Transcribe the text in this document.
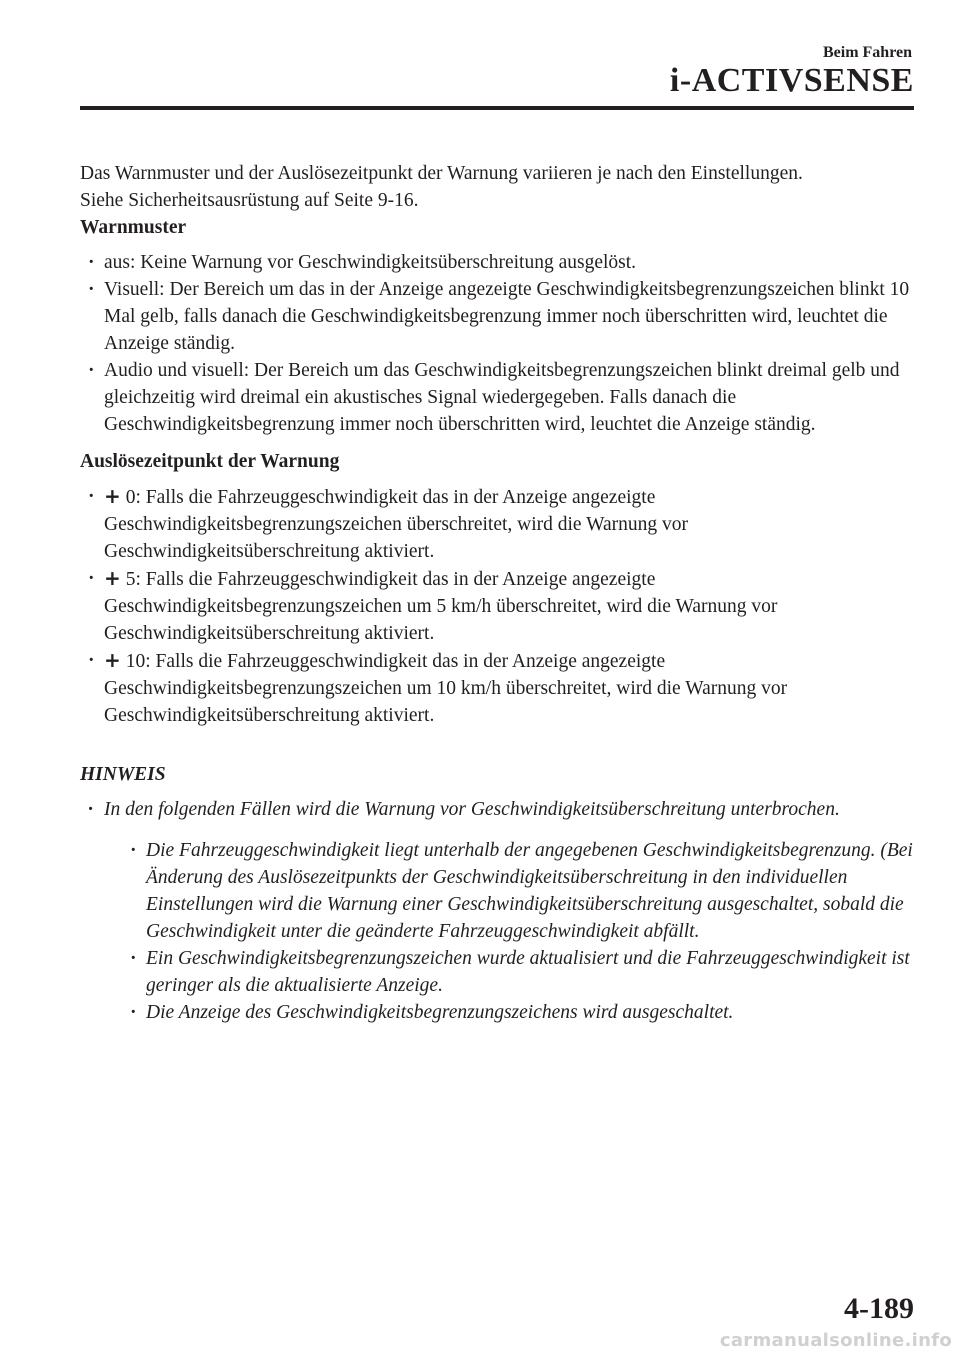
Beim Fahren
i-ACTIVSENSE

Das Warnmuster und der Auslösezeitpunkt der Warnung variieren je nach den Einstellungen.

Siehe Sicherheitsausrüstung auf Seite 9-16.

Warnmuster

· aus: Keine Warnung vor Geschwindigkeitsüberschreitung ausgelöst.
· Visuell: Der Bereich um das in der Anzeige angezeigte Geschwindigkeitsbegrenzungszeichen blinkt 10 Mal gelb, falls danach die Geschwindigkeitsbegrenzung immer noch überschritten wird, leuchtet die Anzeige ständig.
· Audio und visuell: Der Bereich um das Geschwindigkeitsbegrenzungszeichen blinkt dreimal gelb und gleichzeitig wird dreimal ein akustisches Signal wiedergegeben. Falls danach die Geschwindigkeitsbegrenzung immer noch überschritten wird, leuchtet die Anzeige ständig.

Auslösezeitpunkt der Warnung

· + 0: Falls die Fahrzeuggeschwindigkeit das in der Anzeige angezeigte Geschwindigkeitsbegrenzungszeichen überschreitet, wird die Warnung vor Geschwindigkeitsüberschreitung aktiviert.
· + 5: Falls die Fahrzeuggeschwindigkeit das in der Anzeige angezeigte Geschwindigkeitsbegrenzungszeichen um 5 km/h überschreitet, wird die Warnung vor Geschwindigkeitsüberschreitung aktiviert.
· + 10: Falls die Fahrzeuggeschwindigkeit das in der Anzeige angezeigte Geschwindigkeitsbegrenzungszeichen um 10 km/h überschreitet, wird die Warnung vor Geschwindigkeitsüberschreitung aktiviert.

HINWEIS

· In den folgenden Fällen wird die Warnung vor Geschwindigkeitsüberschreitung unterbrochen.
· Die Fahrzeuggeschwindigkeit liegt unterhalb der angegebenen Geschwindigkeitsbegrenzung. (Bei Änderung des Auslösezeitpunkts der Geschwindigkeitsüberschreitung in den individuellen Einstellungen wird die Warnung einer Geschwindigkeitsüberschreitung ausgeschaltet, sobald die Geschwindigkeit unter die geänderte Fahrzeuggeschwindigkeit abfällt.
· Ein Geschwindigkeitsbegrenzungszeichen wurde aktualisiert und die Fahrzeuggeschwindigkeit ist geringer als die aktualisierte Anzeige.
· Die Anzeige des Geschwindigkeitsbegrenzungszeichens wird ausgeschaltet.
4-189
carmanualsonline.info
